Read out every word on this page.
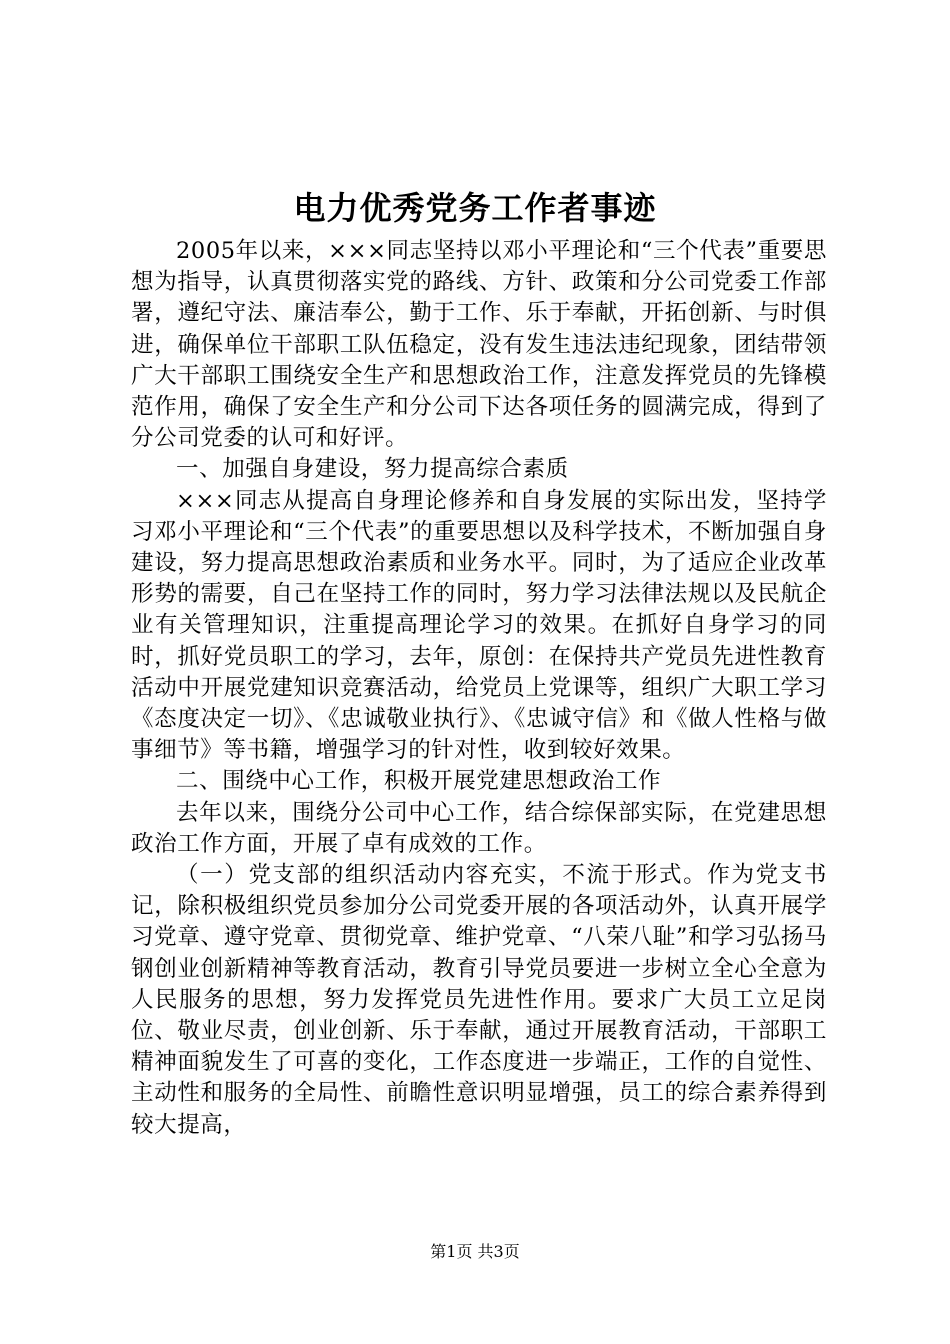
电力优秀党务工作者事迹

2005年以来，×××同志坚持以邓小平理论和“三个代表”重要思想为指导，认真贯彻落实党的路线、方针、政策和分公司党委工作部署，遵纪守法、廉洁奉公，勤于工作、乐于奉献，开拓创新、与时俱进，确保单位干部职工队伍稳定，没有发生违法违纪现象，团结带领广大干部职工围绕安全生产和思想政治工作，注意发挥党员的先锋模范作用，确保了安全生产和分公司下达各项任务的圆满完成，得到了分公司党委的认可和好评。

一、加强自身建设，努力提高综合素质

×××同志从提高自身理论修养和自身发展的实际出发，坚持学习邓小平理论和“三个代表”的重要思想以及科学技术，不断加强自身建设，努力提高思想政治素质和业务水平。同时，为了适应企业改革形势的需要，自己在坚持工作的同时，努力学习法律法规以及民航企业有关管理知识，注重提高理论学习的效果。在抓好自身学习的同时，抓好党员职工的学习，去年，原创：在保持共产党员先进性教育活动中开展党建知识竞赛活动，给党员上党课等，组织广大职工学习《态度决定一切》、《忠诚敬业执行》、《忠诚守信》和《做人性格与做事细节》等书籍，增强学习的针对性，收到较好效果。

二、围绕中心工作，积极开展党建思想政治工作

去年以来，围绕分公司中心工作，结合综保部实际，在党建思想政治工作方面，开展了卓有成效的工作。

（一）党支部的组织活动内容充实，不流于形式。作为党支书记，除积极组织党员参加分公司党委开展的各项活动外，认真开展学习党章、遵守党章、贯彻党章、维护党章、“八荣八耻”和学习弘扬马钢创业创新精神等教育活动，教育引导党员要进一步树立全心全意为人民服务的思想，努力发挥党员先进性作用。要求广大员工立足岗位、敬业尽责，创业创新、乐于奉献，通过开展教育活动，干部职工精神面貌发生了可喜的变化，工作态度进一步端正，工作的自觉性、主动性和服务的全局性、前瞻性意识明显增强，员工的综合素养得到较大提高，

第1页 共3页
